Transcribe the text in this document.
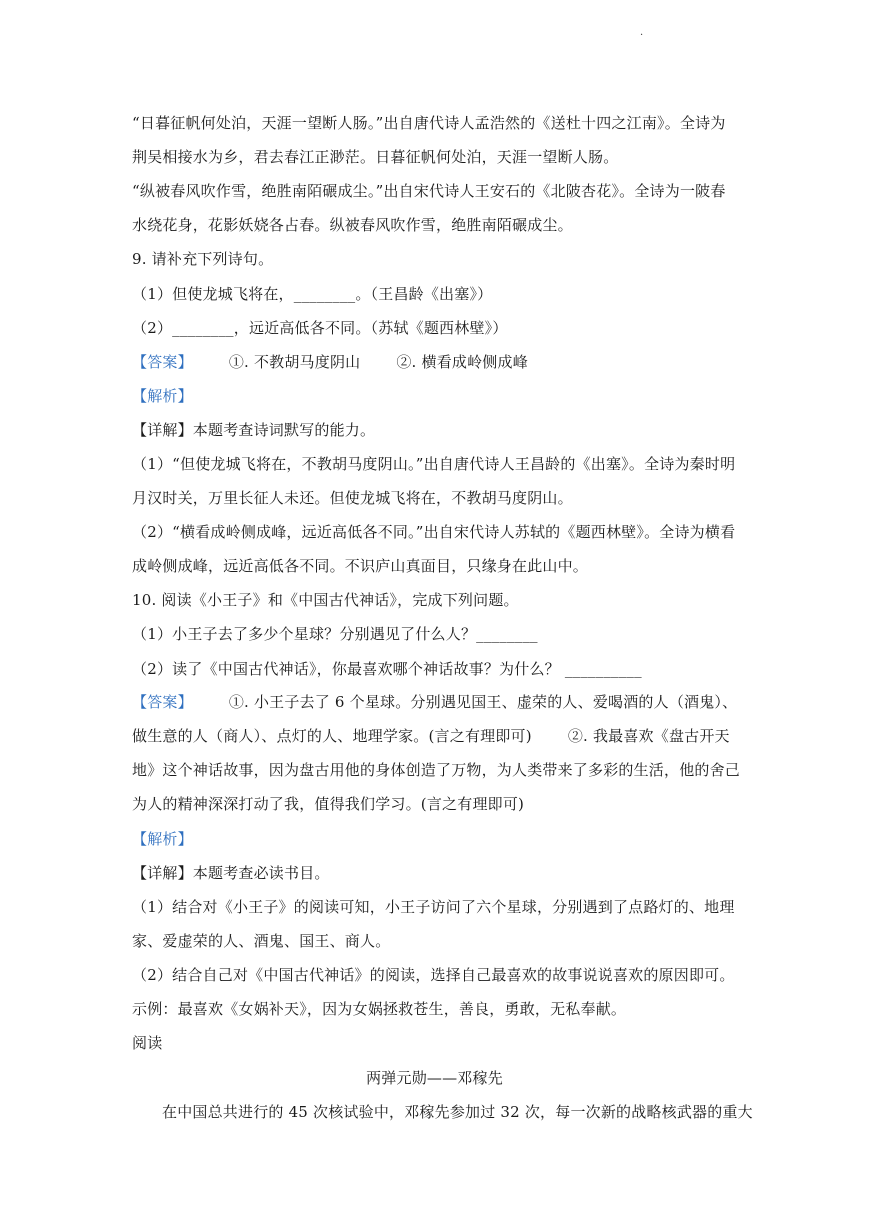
·
“日暮征帆何处泊，天涯一望断人肠。”出自唐代诗人孟浩然的《送杜十四之江南》。全诗为
荆吴相接水为乡，君去春江正渺茫。日暮征帆何处泊，天涯一望断人肠。
“纵被春风吹作雪，绝胜南陌碾成尘。”出自宋代诗人王安石的《北陂杏花》。全诗为一陂春
水绕花身，花影妖娆各占春。纵被春风吹作雪，绝胜南陌碾成尘。
9. 请补充下列诗句。
（1）但使龙城飞将在，________。（王昌龄《出塞》）
（2）________，远近高低各不同。（苏轼《题西林壁》）
【答案】 ①. 不教胡马度阴山 ②. 横看成岭侧成峰
【解析】
【详解】本题考查诗词默写的能力。
（1）“但使龙城飞将在，不教胡马度阴山。”出自唐代诗人王昌龄的《出塞》。全诗为秦时明
月汉时关，万里长征人未还。但使龙城飞将在，不教胡马度阴山。
（2）“横看成岭侧成峰，远近高低各不同。”出自宋代诗人苏轼的《题西林壁》。全诗为横看
成岭侧成峰，远近高低各不同。不识庐山真面目，只缘身在此山中。
10. 阅读《小王子》和《中国古代神话》，完成下列问题。
（1）小王子去了多少个星球？分别遇见了什么人？________
（2）读了《中国古代神话》，你最喜欢哪个神话故事？为什么？ __________
【答案】 ①. 小王子去了 6 个星球。分别遇见国王、虚荣的人、爱喝酒的人（酒鬼）、
做生意的人（商人）、点灯的人、地理学家。(言之有理即可) ②. 我最喜欢《盘古开天
地》这个神话故事，因为盘古用他的身体创造了万物，为人类带来了多彩的生活，他的舍己
为人的精神深深打动了我，值得我们学习。(言之有理即可)
【解析】
【详解】本题考查必读书目。
（1）结合对《小王子》的阅读可知，小王子访问了六个星球，分别遇到了点路灯的、地理
家、爱虚荣的人、酒鬼、国王、商人。
（2）结合自己对《中国古代神话》的阅读，选择自己最喜欢的故事说说喜欢的原因即可。
示例：最喜欢《女娲补天》，因为女娲拯救苍生，善良，勇敢，无私奉献。
阅读
两弹元勋——邓稼先
在中国总共进行的 45 次核试验中，邓稼先参加过 32 次，每一次新的战略核武器的重大
